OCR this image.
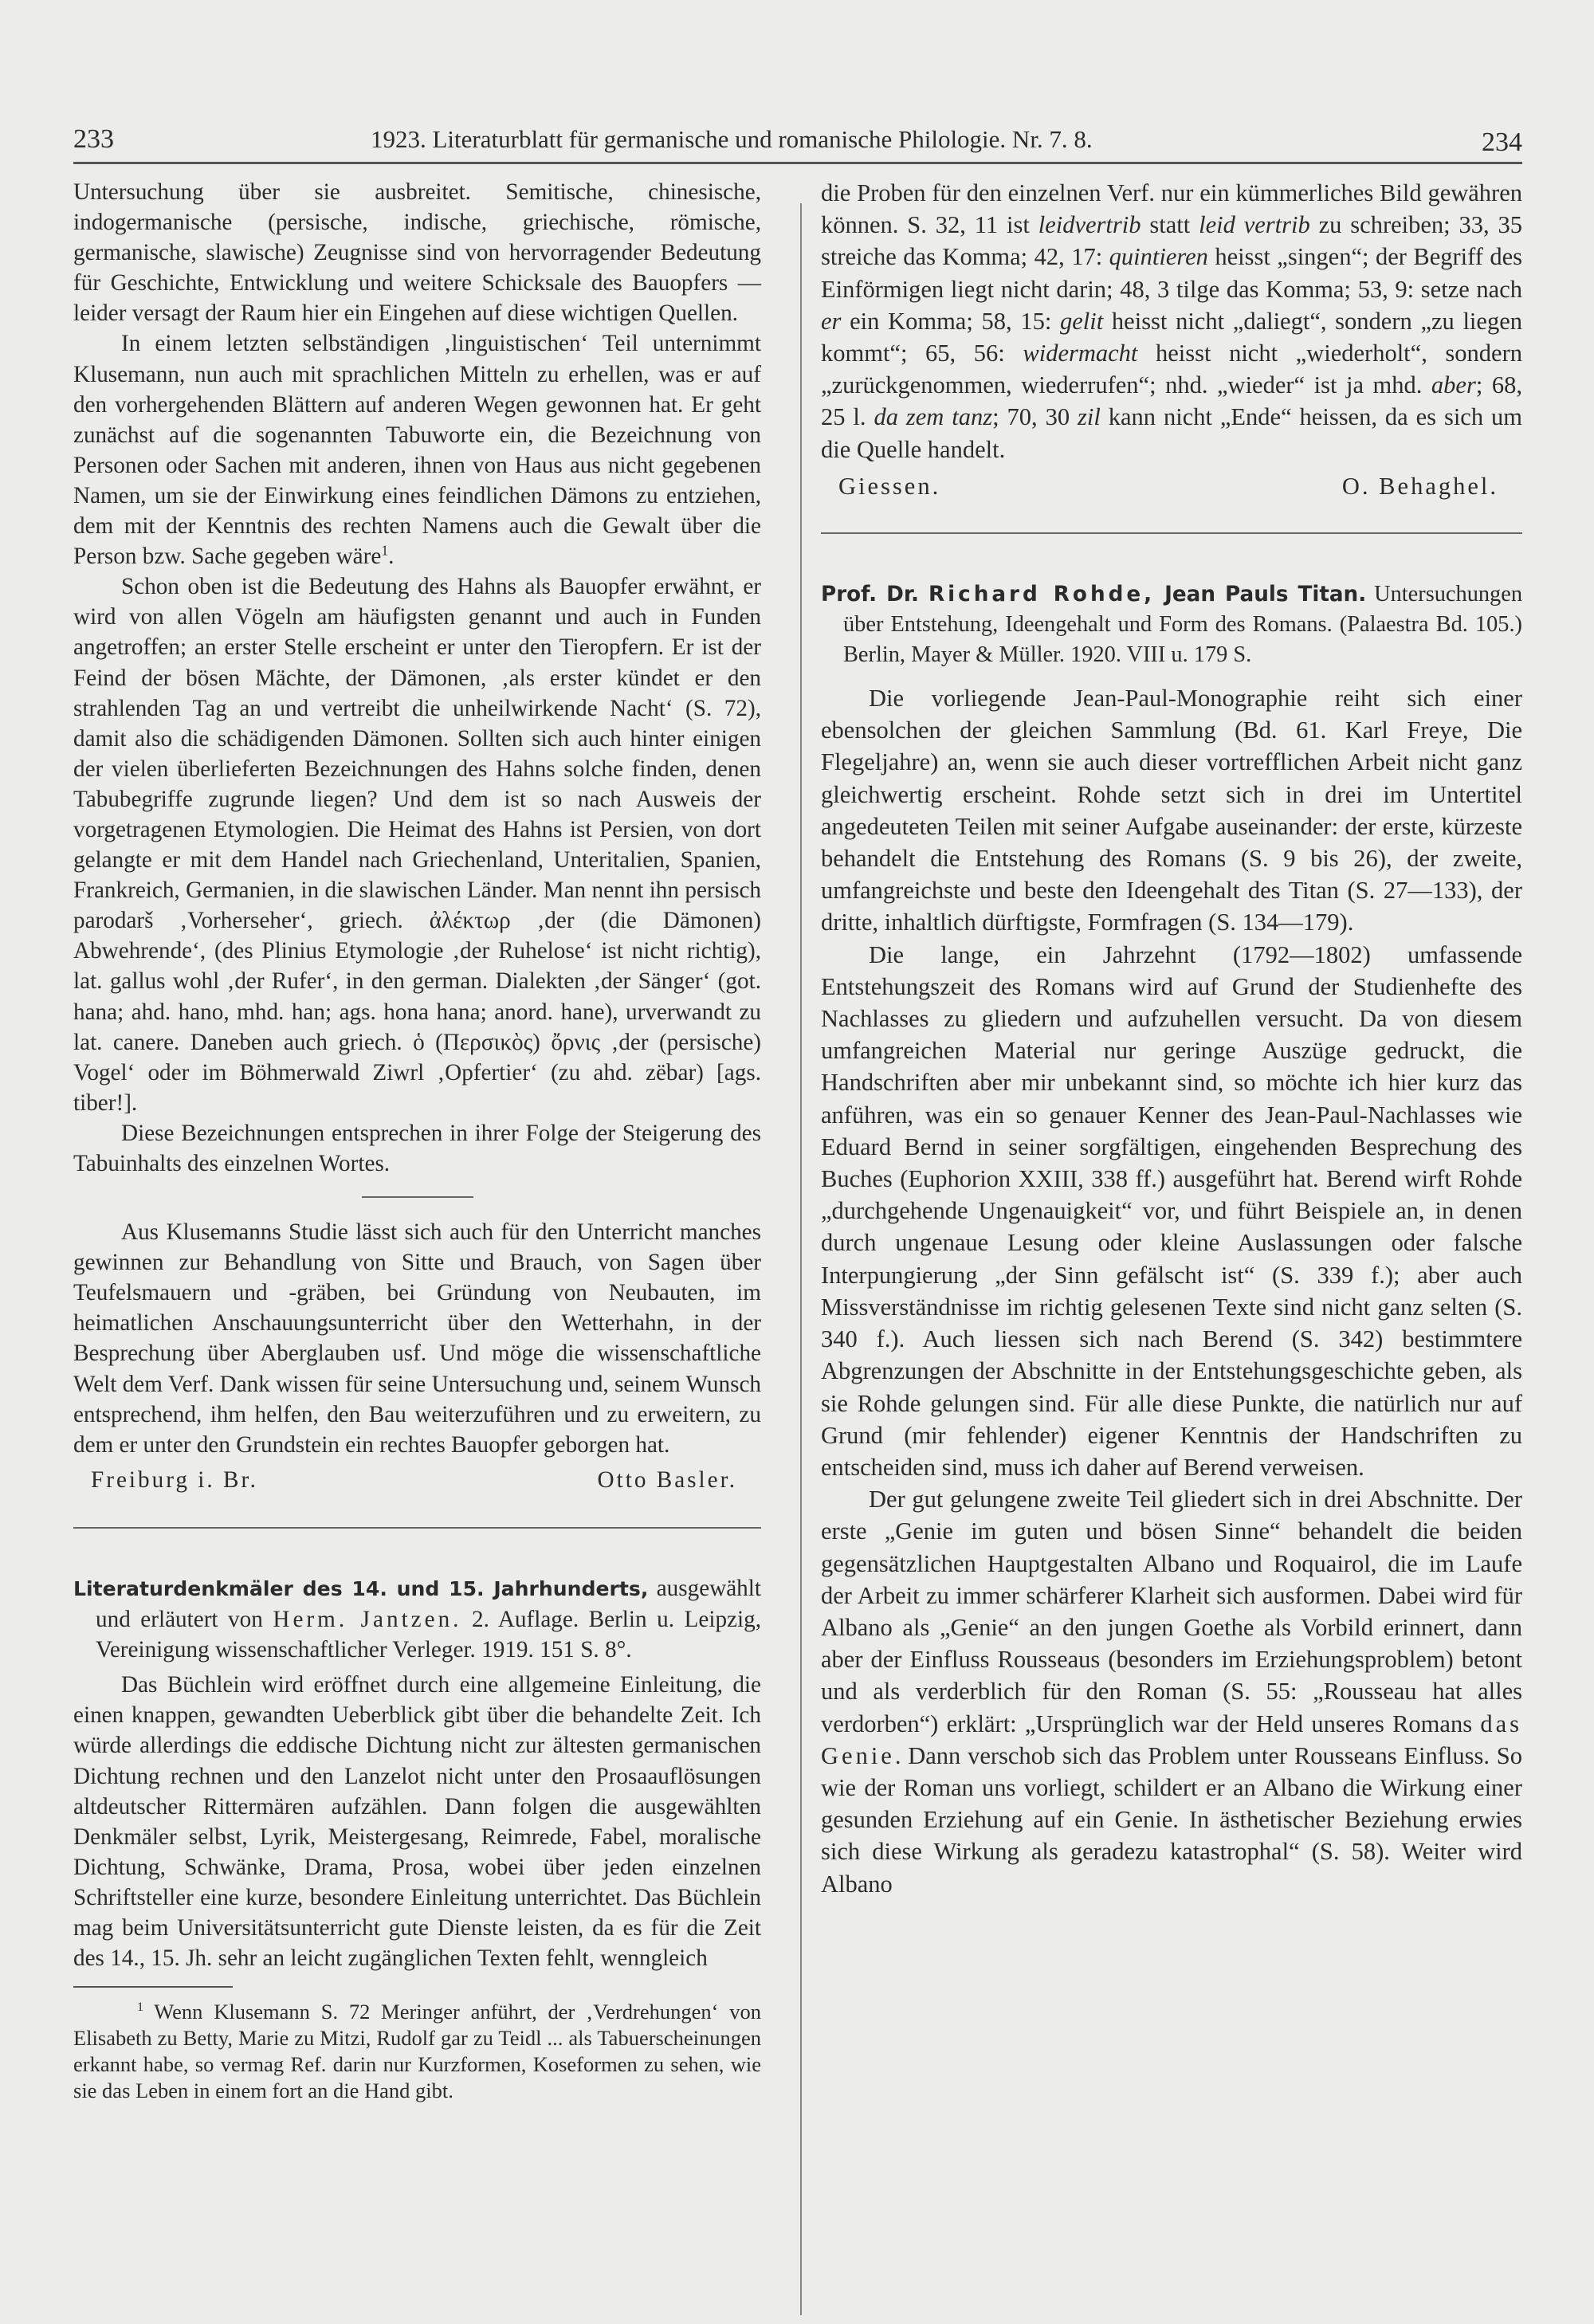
233	1923. Literaturblatt für germanische und romanische Philologie. Nr. 7. 8.	234

Untersuchung über sie ausbreitet. Semitische, chinesische, indogermanische (persische, indische, griechische, römische, germanische, slawische) Zeugnisse sind von hervorragender Bedeutung für Geschichte, Entwicklung und weitere Schicksale des Bauopfers — leider versagt der Raum hier ein Eingehen auf diese wichtigen Quellen.

In einem letzten selbständigen ‚linguistischen‘ Teil unternimmt Klusemann, nun auch mit sprachlichen Mitteln zu erhellen, was er auf den vorhergehenden Blättern auf anderen Wegen gewonnen hat. Er geht zunächst auf die sogenannten Tabuworte ein, die Bezeichnung von Personen oder Sachen mit anderen, ihnen von Haus aus nicht gegebenen Namen, um sie der Einwirkung eines feindlichen Dämons zu entziehen, dem mit der Kenntnis des rechten Namens auch die Gewalt über die Person bzw. Sache gegeben wäre$^1$.

Schon oben ist die Bedeutung des Hahns als Bauopfer erwähnt, er wird von allen Vögeln am häufigsten genannt und auch in Funden angetroffen; an erster Stelle erscheint er unter den Tieropfern. Er ist der Feind der bösen Mächte, der Dämonen, ‚als erster kündet er den strahlenden Tag an und vertreibt die unheilwirkende Nacht‘ (S. 72), damit also die schädigenden Dämonen. Sollten sich auch hinter einigen der vielen überlieferten Bezeichnungen des Hahns solche finden, denen Tabubegriffe zugrunde liegen? Und dem ist so nach Ausweis der vorgetragenen Etymologien. Die Heimat des Hahns ist Persien, von dort gelangte er mit dem Handel nach Griechenland, Unteritalien, Spanien, Frankreich, Germanien, in die slawischen Länder. Man nennt ihn persisch parodarš ‚Vorherseher‘, griech. ἀλέκτωρ ‚der (die Dämonen) Abwehrende‘, (des Plinius Etymologie ‚der Ruhelose‘ ist nicht richtig), lat. gallus wohl ‚der Rufer‘, in den german. Dialekten ‚der Sänger‘ (got. hana; ahd. hano, mhd. han; ags. hona hana; anord. hane), urverwandt zu lat. canere. Daneben auch griech. ὁ (Περσικὸς) ὄρνις ‚der (persische) Vogel‘ oder im Böhmerwald Ziwrl ‚Opfertier‘ (zu ahd. zëbar) [ags. tiber!].

Diese Bezeichnungen entsprechen in ihrer Folge der Steigerung des Tabuinhalts des einzelnen Wortes.

Aus Klusemanns Studie lässt sich auch für den Unterricht manches gewinnen zur Behandlung von Sitte und Brauch, von Sagen über Teufelsmauern und -gräben, bei Gründung von Neubauten, im heimatlichen Anschauungsunterricht über den Wetterhahn, in der Besprechung über Aberglauben usf. Und möge die wissenschaftliche Welt dem Verf. Dank wissen für seine Untersuchung und, seinem Wunsch entsprechend, ihm helfen, den Bau weiterzuführen und zu erweitern, zu dem er unter den Grundstein ein rechtes Bauopfer geborgen hat.

Freiburg i. Br.	Otto Basler.

Literaturdenkmäler des 14. und 15. Jahrhunderts, ausgewählt und erläutert von Herm. Jantzen. 2. Auflage. Berlin u. Leipzig, Vereinigung wissenschaftlicher Verleger. 1919. 151 S. 8°.

Das Büchlein wird eröffnet durch eine allgemeine Einleitung, die einen knappen, gewandten Ueberblick gibt über die behandelte Zeit. Ich würde allerdings die eddische Dichtung nicht zur ältesten germanischen Dichtung rechnen und den Lanzelot nicht unter den Prosaauflösungen altdeutscher Rittermären aufzählen. Dann folgen die ausgewählten Denkmäler selbst, Lyrik, Meistergesang, Reimrede, Fabel, moralische Dichtung, Schwänke, Drama, Prosa, wobei über jeden einzelnen Schriftsteller eine kurze, besondere Einleitung unterrichtet. Das Büchlein mag beim Universitätsunterricht gute Dienste leisten, da es für die Zeit des 14., 15. Jh. sehr an leicht zugänglichen Texten fehlt, wenngleich

$^1$ Wenn Klusemann S. 72 Meringer anführt, der ‚Verdrehungen‘ von Elisabeth zu Betty, Marie zu Mitzi, Rudolf gar zu Teidl ... als Tabuerscheinungen erkannt habe, so vermag Ref. darin nur Kurzformen, Koseformen zu sehen, wie sie das Leben in einem fort an die Hand gibt.

die Proben für den einzelnen Verf. nur ein kümmerliches Bild gewähren können. S. 32, 11 ist leidvertrib statt leid vertrib zu schreiben; 33, 35 streiche das Komma; 42, 17: quintieren heisst „singen“; der Begriff des Einförmigen liegt nicht darin; 48, 3 tilge das Komma; 53, 9: setze nach er ein Komma; 58, 15: gelit heisst nicht „daliegt“, sondern „zu liegen kommt“; 65, 56: widermacht heisst nicht „wiederholt“, sondern „zurückgenommen, wiederrufen“; nhd. „wieder“ ist ja mhd. aber; 68, 25 l. da zem tanz; 70, 30 zil kann nicht „Ende“ heissen, da es sich um die Quelle handelt.

Giessen.	O. Behaghel.

Prof. Dr. Richard Rohde, Jean Pauls Titan. Untersuchungen über Entstehung, Ideengehalt und Form des Romans. (Palaestra Bd. 105.) Berlin, Mayer & Müller. 1920. VIII u. 179 S.

Die vorliegende Jean-Paul-Monographie reiht sich einer ebensolchen der gleichen Sammlung (Bd. 61. Karl Freye, Die Flegeljahre) an, wenn sie auch dieser vortrefflichen Arbeit nicht ganz gleichwertig erscheint. Rohde setzt sich in drei im Untertitel angedeuteten Teilen mit seiner Aufgabe auseinander: der erste, kürzeste behandelt die Entstehung des Romans (S. 9 bis 26), der zweite, umfangreichste und beste den Ideengehalt des Titan (S. 27—133), der dritte, inhaltlich dürftigste, Formfragen (S. 134—179).

Die lange, ein Jahrzehnt (1792—1802) umfassende Entstehungszeit des Romans wird auf Grund der Studienhefte des Nachlasses zu gliedern und aufzuhellen versucht. Da von diesem umfangreichen Material nur geringe Auszüge gedruckt, die Handschriften aber mir unbekannt sind, so möchte ich hier kurz das anführen, was ein so genauer Kenner des Jean-Paul-Nachlasses wie Eduard Bernd in seiner sorgfältigen, eingehenden Besprechung des Buches (Euphorion XXIII, 338 ff.) ausgeführt hat. Berend wirft Rohde „durchgehende Ungenauigkeit“ vor, und führt Beispiele an, in denen durch ungenaue Lesung oder kleine Auslassungen oder falsche Interpungierung „der Sinn gefälscht ist“ (S. 339 f.); aber auch Missverständnisse im richtig gelesenen Texte sind nicht ganz selten (S. 340 f.). Auch liessen sich nach Berend (S. 342) bestimmtere Abgrenzungen der Abschnitte in der Entstehungsgeschichte geben, als sie Rohde gelungen sind. Für alle diese Punkte, die natürlich nur auf Grund (mir fehlender) eigener Kenntnis der Handschriften zu entscheiden sind, muss ich daher auf Berend verweisen.

Der gut gelungene zweite Teil gliedert sich in drei Abschnitte. Der erste „Genie im guten und bösen Sinne“ behandelt die beiden gegensätzlichen Hauptgestalten Albano und Roquairol, die im Laufe der Arbeit zu immer schärferer Klarheit sich ausformen. Dabei wird für Albano als „Genie“ an den jungen Goethe als Vorbild erinnert, dann aber der Einfluss Rousseaus (besonders im Erziehungsproblem) betont und als verderblich für den Roman (S. 55: „Rousseau hat alles verdorben“) erklärt: „Ursprünglich war der Held unseres Romans das Genie. Dann verschob sich das Problem unter Rousseans Einfluss. So wie der Roman uns vorliegt, schildert er an Albano die Wirkung einer gesunden Erziehung auf ein Genie. In ästhetischer Beziehung erwies sich diese Wirkung als geradezu katastrophal“ (S. 58). Weiter wird Albano
